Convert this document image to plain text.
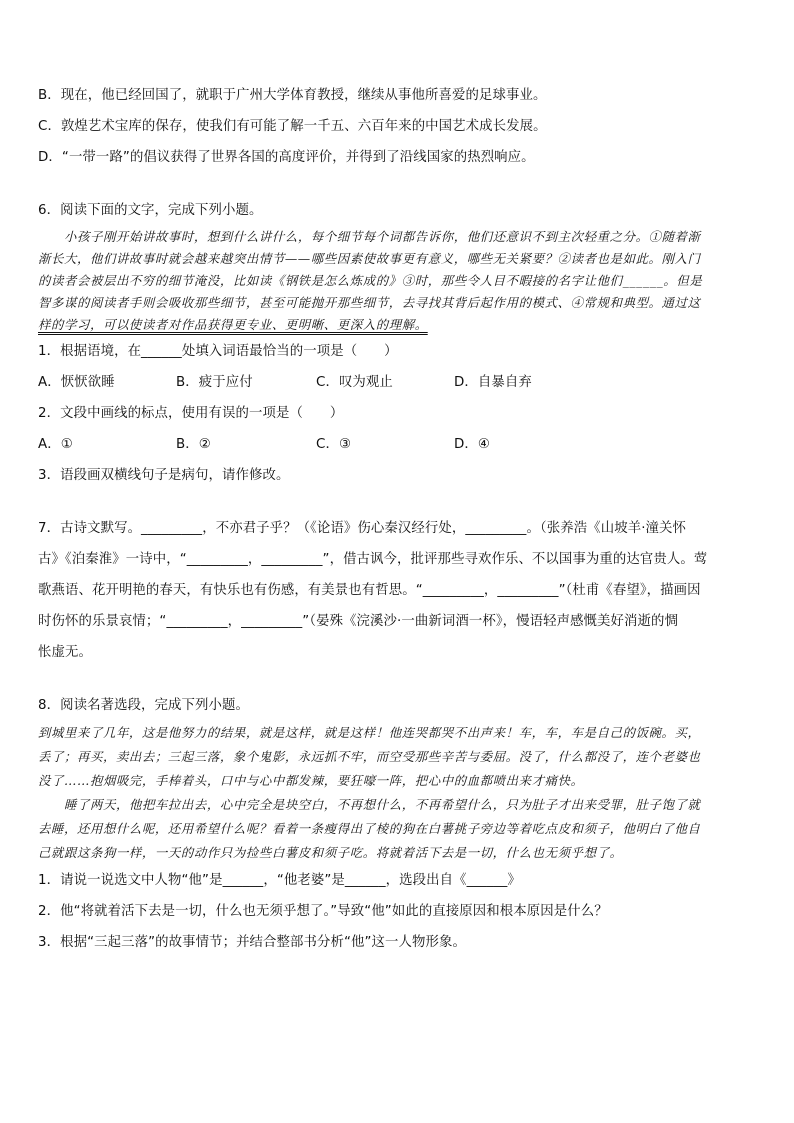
B．现在，他已经回国了，就职于广州大学体育教授，继续从事他所喜爱的足球事业。
C．敦煌艺术宝库的保存，使我们有可能了解一千五、六百年来的中国艺术成长发展。
D．“一带一路”的倡议获得了世界各国的高度评价，并得到了沿线国家的热烈响应。
6．阅读下面的文字，完成下列小题。
小孩子刚开始讲故事时，想到什么讲什么，每个细节每个词都告诉你，他们还意识不到主次轻重之分。①随着渐
渐长大，他们讲故事时就会越来越突出情节——哪些因素使故事更有意义，哪些无关紧要？②读者也是如此。刚入门
的读者会被层出不穷的细节淹没，比如读《钢铁是怎么炼成的》③时，那些令人目不暇接的名字让他们______。但是
智多谋的阅读者手则会吸收那些细节，甚至可能抛开那些细节，去寻找其背后起作用的模式、④常规和典型。通过这
样的学习，可以使读者对作品获得更专业、更明晰、更深入的理解。
1．根据语境，在______处填入词语最恰当的一项是（　　）
A．恹恹欲睡	B．疲于应付	C．叹为观止	D．自暴自弃
2．文段中画线的标点，使用有误的一项是（　　）
A．①	B．②	C．③	D．④
3．语段画双横线句子是病句，请作修改。
7．古诗文默写。_________，不亦君子乎？（《论语》伤心秦汉经行处，_________。（张养浩《山坡羊·潼关怀
古》《泊秦淮》一诗中，“_________，_________”，借古讽今，批评那些寻欢作乐、不以国事为重的达官贵人。莺
歌燕语、花开明艳的春天，有快乐也有伤感，有美景也有哲思。“_________，_________”（杜甫《春望》，描画因
时伤怀的乐景哀情；“_________，_________”（晏殊《浣溪沙·一曲新词酒一杯》，慢语轻声感慨美好消逝的惆
怅虚无。
8．阅读名著选段，完成下列小题。
到城里来了几年，这是他努力的结果，就是这样，就是这样！他连哭都哭不出声来！车，车，车是自己的饭碗。买，
丢了；再买，卖出去；三起三落，象个鬼影，永远抓不牢，而空受那些辛苦与委屈。没了，什么都没了，连个老婆也
没了……抱烟吸完，手棒着头，口中与心中都发辣，要狂嚎一阵，把心中的血都喷出来才痛快。
睡了两天，他把车拉出去，心中完全是块空白，不再想什么，不再希望什么，只为肚子才出来受罪，肚子饱了就
去睡，还用想什么呢，还用希望什么呢？看着一条瘦得出了棱的狗在白薯挑子旁边等着吃点皮和须子，他明白了他自
己就跟这条狗一样，一天的动作只为捡些白薯皮和须子吃。将就着活下去是一切，什么也无须乎想了。
1．请说一说选文中人物“他”是______，“他老婆”是______，选段出自《______》
2．他“将就着活下去是一切，什么也无须乎想了。”导致“他”如此的直接原因和根本原因是什么？
3．根据“三起三落”的故事情节；并结合整部书分析“他”这一人物形象。
